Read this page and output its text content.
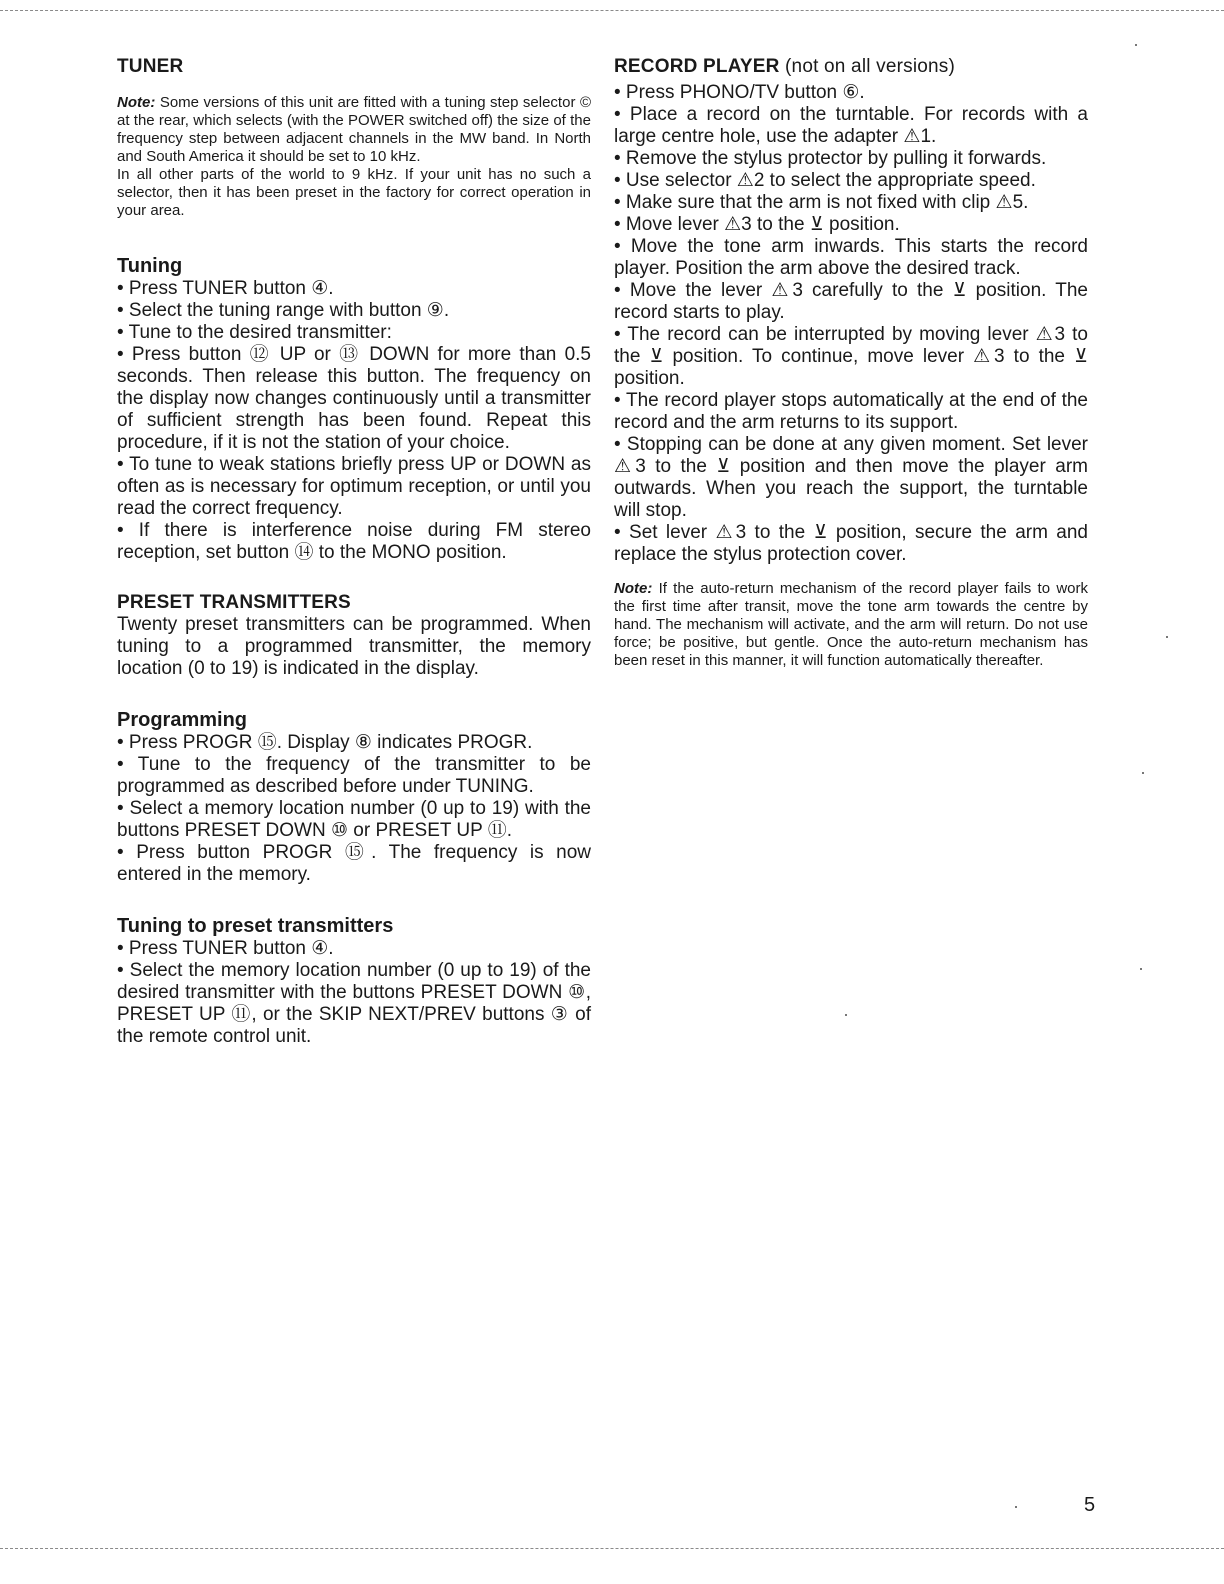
TUNER

Note: Some versions of this unit are fitted with a tuning step selector © at the rear, which selects (with the POWER switched off) the size of the frequency step between adjacent channels in the MW band. In North and South America it should be set to 10 kHz.

In all other parts of the world to 9 kHz. If your unit has no such a selector, then it has been preset in the factory for correct operation in your area.

Tuning

• Press TUNER button ④.

• Select the tuning range with button ⑨.

• Tune to the desired transmitter:

• Press button ⑫ UP or ⑬ DOWN for more than 0.5 seconds. Then release this button. The frequency on the display now changes continuously until a transmitter of sufficient strength has been found. Repeat this procedure, if it is not the station of your choice.

• To tune to weak stations briefly press UP or DOWN as often as is necessary for optimum reception, or until you read the correct frequency.

• If there is interference noise during FM stereo reception, set button ⑭ to the MONO position.

PRESET TRANSMITTERS

Twenty preset transmitters can be programmed. When tuning to a programmed transmitter, the memory location (0 to 19) is indicated in the display.

Programming

• Press PROGR ⑮. Display ⑧ indicates PROGR.

• Tune to the frequency of the transmitter to be programmed as described before under TUNING.

• Select a memory location number (0 up to 19) with the buttons PRESET DOWN ⑩ or PRESET UP ⑪.

• Press button PROGR ⑮. The frequency is now entered in the memory.

Tuning to preset transmitters

• Press TUNER button ④.

• Select the memory location number (0 up to 19) of the desired transmitter with the buttons PRESET DOWN ⑩, PRESET UP ⑪, or the SKIP NEXT/PREV buttons ③ of the remote control unit.

RECORD PLAYER (not on all versions)

• Press PHONO/TV button ⑥.

• Place a record on the turntable. For records with a large centre hole, use the adapter ⚠1.

• Remove the stylus protector by pulling it forwards.

• Use selector ⚠2 to select the appropriate speed.

• Make sure that the arm is not fixed with clip ⚠5.

• Move lever ⚠3 to the ⊻ position.

• Move the tone arm inwards. This starts the record player. Position the arm above the desired track.

• Move the lever ⚠3 carefully to the ⊻ position. The record starts to play.

• The record can be interrupted by moving lever ⚠3 to the ⊻ position. To continue, move lever ⚠3 to the ⊻ position.

• The record player stops automatically at the end of the record and the arm returns to its support.

• Stopping can be done at any given moment. Set lever ⚠3 to the ⊻ position and then move the player arm outwards. When you reach the support, the turntable will stop.

• Set lever ⚠3 to the ⊻ position, secure the arm and replace the stylus protection cover.

Note: If the auto-return mechanism of the record player fails to work the first time after transit, move the tone arm towards the centre by hand. The mechanism will activate, and the arm will return. Do not use force; be positive, but gentle. Once the auto-return mechanism has been reset in this manner, it will function automatically thereafter.

5
